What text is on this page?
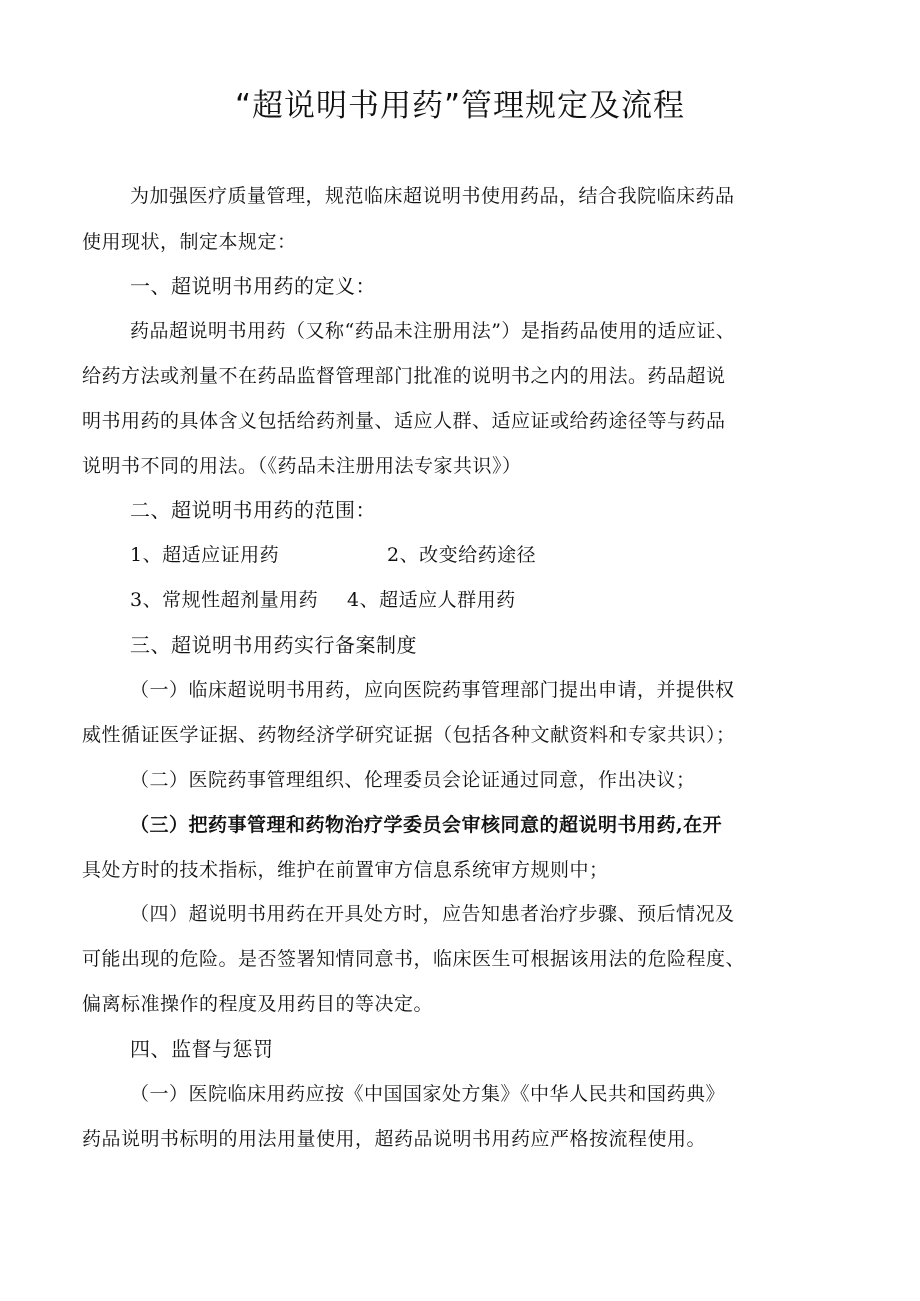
“超说明书用药”管理规定及流程
为加强医疗质量管理，规范临床超说明书使用药品，结合我院临床药品
使用现状，制定本规定：
一、超说明书用药的定义：
药品超说明书用药（又称“药品未注册用法”）是指药品使用的适应证、
给药方法或剂量不在药品监督管理部门批准的说明书之内的用法。药品超说
明书用药的具体含义包括给药剂量、适应人群、适应证或给药途径等与药品
说明书不同的用法。（《药品未注册用法专家共识》）
二、超说明书用药的范围：
1、超适应证用药	2、改变给药途径
3、常规性超剂量用药 4、超适应人群用药
三、超说明书用药实行备案制度
（一）临床超说明书用药，应向医院药事管理部门提出申请，并提供权
威性循证医学证据、药物经济学研究证据（包括各种文献资料和专家共识）；
（二）医院药事管理组织、伦理委员会论证通过同意，作出决议；
（三）把药事管理和药物治疗学委员会审核同意的超说明书用药,在开
具处方时的技术指标，维护在前置审方信息系统审方规则中；
（四）超说明书用药在开具处方时，应告知患者治疗步骤、预后情况及
可能出现的危险。是否签署知情同意书，临床医生可根据该用法的危险程度、
偏离标准操作的程度及用药目的等决定。
四、监督与惩罚
（一）医院临床用药应按《中国国家处方集》《中华人民共和国药典》
药品说明书标明的用法用量使用，超药品说明书用药应严格按流程使用。
